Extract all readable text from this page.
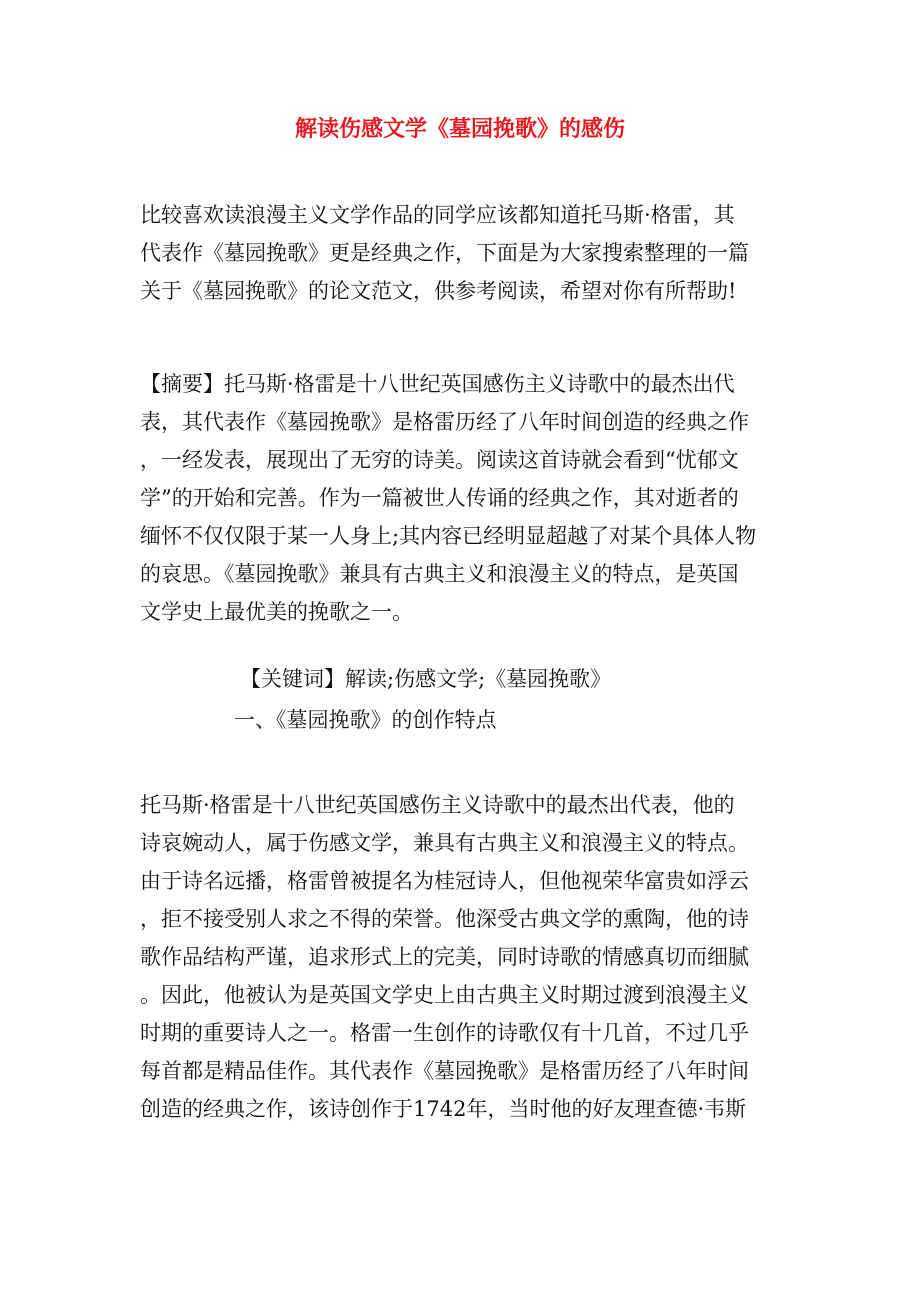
解读伤感文学《墓园挽歌》的感伤
比较喜欢读浪漫主义文学作品的同学应该都知道托马斯·格雷，其
代表作《墓园挽歌》更是经典之作，下面是为大家搜索整理的一篇
关于《墓园挽歌》的论文范文，供参考阅读，希望对你有所帮助!
【摘要】托马斯·格雷是十八世纪英国感伤主义诗歌中的最杰出代
表，其代表作《墓园挽歌》是格雷历经了八年时间创造的经典之作
，一经发表，展现出了无穷的诗美。阅读这首诗就会看到“忧郁文
学”的开始和完善。作为一篇被世人传诵的经典之作，其对逝者的
缅怀不仅仅限于某一人身上;其内容已经明显超越了对某个具体人物
的哀思。《墓园挽歌》兼具有古典主义和浪漫主义的特点，是英国
文学史上最优美的挽歌之一。
【关键词】解读;伤感文学;《墓园挽歌》
一、《墓园挽歌》的创作特点
托马斯·格雷是十八世纪英国感伤主义诗歌中的最杰出代表，他的
诗哀婉动人，属于伤感文学，兼具有古典主义和浪漫主义的特点。
由于诗名远播，格雷曾被提名为桂冠诗人，但他视荣华富贵如浮云
，拒不接受别人求之不得的荣誉。他深受古典文学的熏陶，他的诗
歌作品结构严谨，追求形式上的完美，同时诗歌的情感真切而细腻
。因此，他被认为是英国文学史上由古典主义时期过渡到浪漫主义
时期的重要诗人之一。格雷一生创作的诗歌仅有十几首，不过几乎
每首都是精品佳作。其代表作《墓园挽歌》是格雷历经了八年时间
创造的经典之作，该诗创作于1742年，当时他的好友理查德·韦斯
